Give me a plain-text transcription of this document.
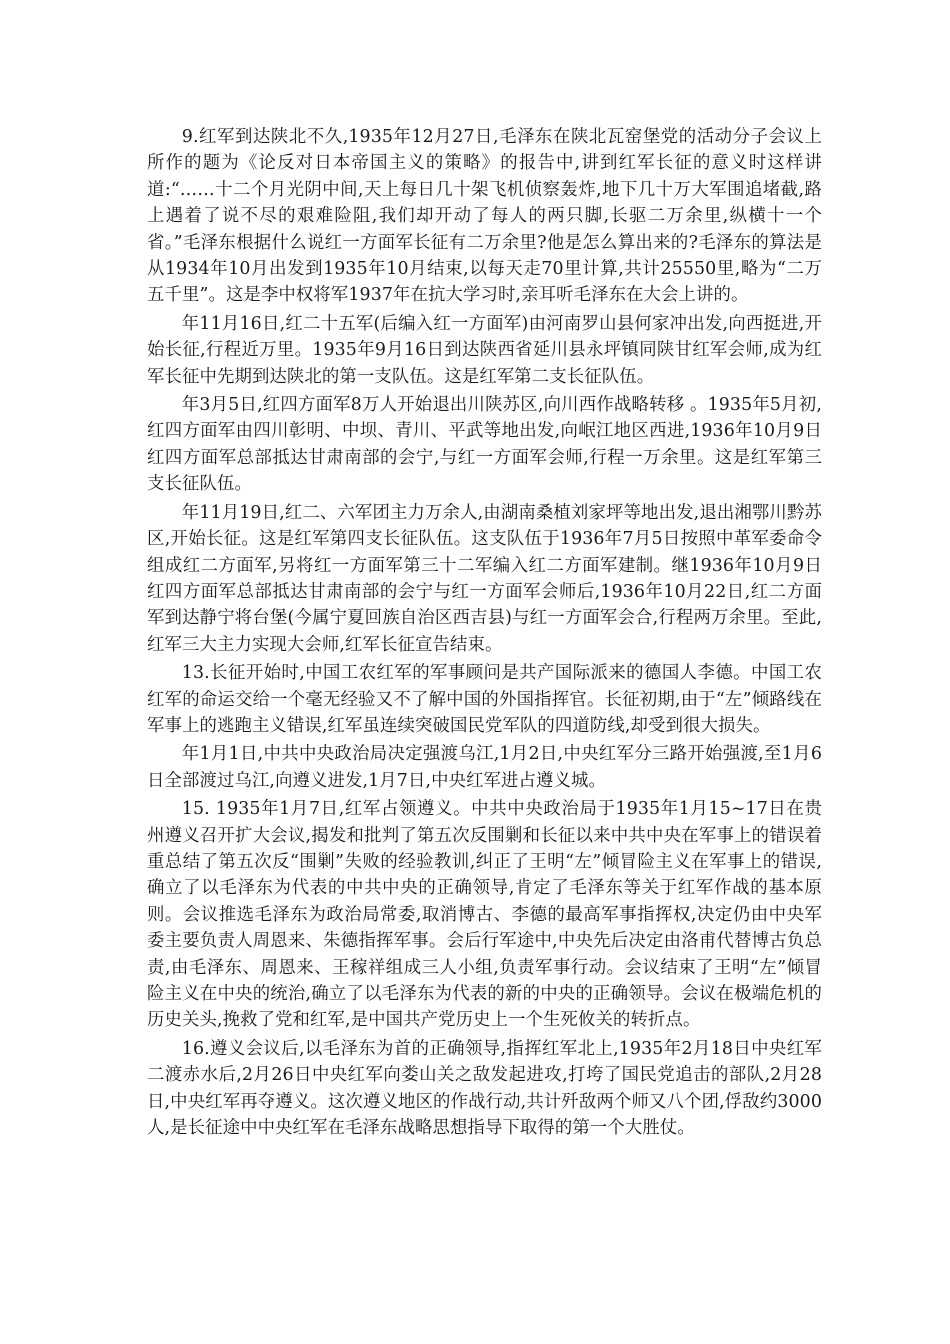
9.红军到达陕北不久,1935年12月27日,毛泽东在陕北瓦窑堡党的活动分子会议上所作的题为《论反对日本帝国主义的策略》的报告中,讲到红军长征的意义时这样讲道:“……十二个月光阴中间,天上每日几十架飞机侦察轰炸,地下几十万大军围追堵截,路上遇着了说不尽的艰难险阻,我们却开动了每人的两只脚,长驱二万余里,纵横十一个省。”毛泽东根据什么说红一方面军长征有二万余里?他是怎么算出来的?毛泽东的算法是从1934年10月出发到1935年10月结束,以每天走70里计算,共计25550里,略为“二万五千里”。这是李中权将军1937年在抗大学习时,亲耳听毛泽东在大会上讲的。

年11月16日,红二十五军(后编入红一方面军)由河南罗山县何家冲出发,向西挺进,开始长征,行程近万里。1935年9月16日到达陕西省延川县永坪镇同陕甘红军会师,成为红军长征中先期到达陕北的第一支队伍。这是红军第二支长征队伍。

年3月5日,红四方面军8万人开始退出川陕苏区,向川西作战略转移 。1935年5月初,红四方面军由四川彰明、中坝、青川、平武等地出发,向岷江地区西进,1936年10月9日红四方面军总部抵达甘肃南部的会宁,与红一方面军会师,行程一万余里。这是红军第三支长征队伍。

年11月19日,红二、六军团主力万余人,由湖南桑植刘家坪等地出发,退出湘鄂川黔苏区,开始长征。这是红军第四支长征队伍。这支队伍于1936年7月5日按照中革军委命令组成红二方面军,另将红一方面军第三十二军编入红二方面军建制。继1936年10月9日红四方面军总部抵达甘肃南部的会宁与红一方面军会师后,1936年10月22日,红二方面军到达静宁将台堡(今属宁夏回族自治区西吉县)与红一方面军会合,行程两万余里。至此,红军三大主力实现大会师,红军长征宣告结束。

13.长征开始时,中国工农红军的军事顾问是共产国际派来的德国人李德。中国工农红军的命运交给一个毫无经验又不了解中国的外国指挥官。长征初期,由于“左”倾路线在军事上的逃跑主义错误,红军虽连续突破国民党军队的四道防线,却受到很大损失。

年1月1日,中共中央政治局决定强渡乌江,1月2日,中央红军分三路开始强渡,至1月6日全部渡过乌江,向遵义进发,1月7日,中央红军进占遵义城。

15. 1935年1月7日,红军占领遵义。中共中央政治局于1935年1月15~17日在贵州遵义召开扩大会议,揭发和批判了第五次反围剿和长征以来中共中央在军事上的错误着重总结了第五次反“围剿”失败的经验教训,纠正了王明“左”倾冒险主义在军事上的错误,确立了以毛泽东为代表的中共中央的正确领导,肯定了毛泽东等关于红军作战的基本原则。会议推选毛泽东为政治局常委,取消博古、李德的最高军事指挥权,决定仍由中央军委主要负责人周恩来、朱德指挥军事。会后行军途中,中央先后决定由洛甫代替博古负总责,由毛泽东、周恩来、王稼祥组成三人小组,负责军事行动。会议结束了王明“左”倾冒险主义在中央的统治,确立了以毛泽东为代表的新的中央的正确领导。会议在极端危机的历史关头,挽救了党和红军,是中国共产党历史上一个生死攸关的转折点。

16.遵义会议后,以毛泽东为首的正确领导,指挥红军北上,1935年2月18日中央红军二渡赤水后,2月26日中央红军向娄山关之敌发起进攻,打垮了国民党追击的部队,2月28日,中央红军再夺遵义。这次遵义地区的作战行动,共计歼敌两个师又八个团,俘敌约3000人,是长征途中中央红军在毛泽东战略思想指导下取得的第一个大胜仗。
